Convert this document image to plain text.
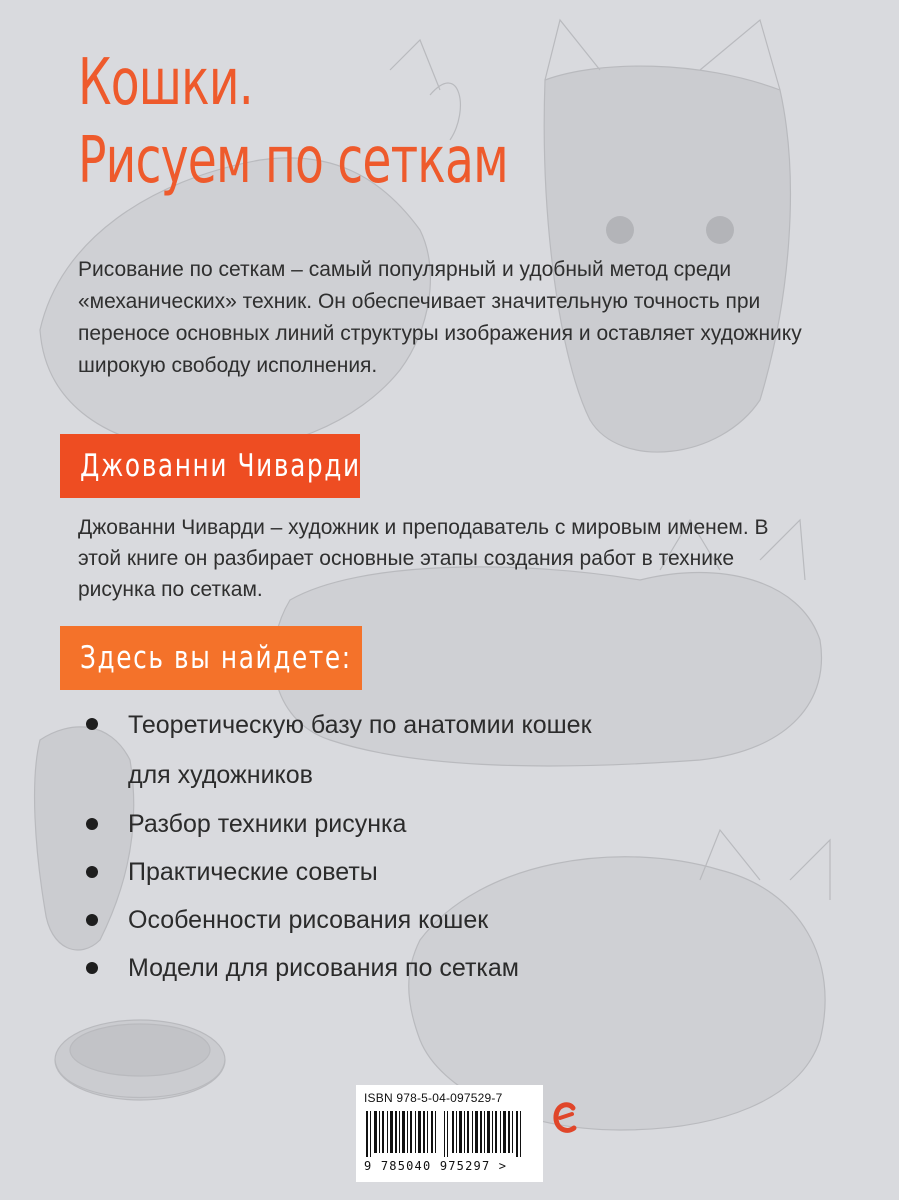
Кошки.
Рисуем по сеткам

Рисование по сеткам – самый популярный и удобный метод среди «механических» техник. Он обеспечивает значительную точность при переносе основных линий структуры изображения и оставляет художнику широкую свободу исполнения.

Джованни Чиварди

Джованни Чиварди – художник и преподаватель с мировым именем. В этой книге он разбирает основные этапы создания работ в технике рисунка по сеткам.

Здесь вы найдете:
Теоретическую базу по анатомии кошек для художников
Разбор техники рисунка
Практические советы
Особенности рисования кошек
Модели для рисования по сеткам
ISBN 978-5-04-097529-7
9 785040 975297 >
